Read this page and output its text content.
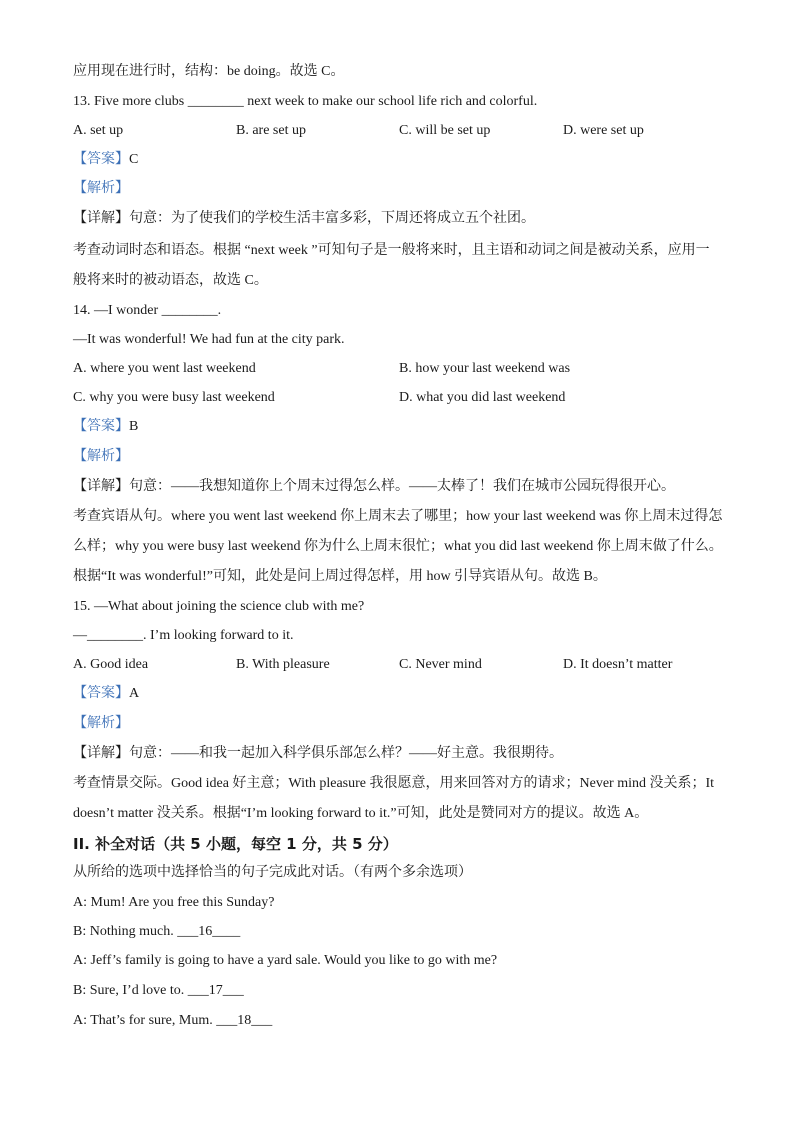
应用现在进行时，结构：be doing。故选 C。
13. Five more clubs ________ next week to make our school life rich and colorful.
A. set up	B. are set up	C. will be set up	D. were set up
【答案】C
【解析】
【详解】句意：为了使我们的学校生活丰富多彩，下周还将成立五个社团。
考查动词时态和语态。根据 “next week ”可知句子是一般将来时，且主语和动词之间是被动关系，应用一
般将来时的被动语态，故选 C。
14. —I wonder ________.
—It was wonderful! We had fun at the city park.
A. where you went last weekend	B. how your last weekend was
C. why you were busy last weekend	D. what you did last weekend
【答案】B
【解析】
【详解】句意：——我想知道你上个周末过得怎么样。——太棒了！我们在城市公园玩得很开心。
考查宾语从句。where you went last weekend 你上周末去了哪里；how your last weekend was 你上周末过得怎
么样；why you were busy last weekend 你为什么上周末很忙；what you did last weekend 你上周末做了什么。
根据“It was wonderful!”可知，此处是问上周过得怎样，用 how 引导宾语从句。故选 B。
15. —What about joining the science club with me?
—________. I’m looking forward to it.
A. Good idea	B. With pleasure	C. Never mind	D. It doesn’t matter
【答案】A
【解析】
【详解】句意：——和我一起加入科学俱乐部怎么样？——好主意。我很期待。
考查情景交际。Good idea 好主意；With pleasure 我很愿意，用来回答对方的请求；Never mind 没关系；It
doesn’t matter 没关系。根据“I’m looking forward to it.”可知，此处是赞同对方的提议。故选 A。
II. 补全对话（共 5 小题，每空 1 分，共 5 分）
从所给的选项中选择恰当的句子完成此对话。（有两个多余选项）
A: Mum! Are you free this Sunday?
B: Nothing much. ___16____
A: Jeff’s family is going to have a yard sale. Would you like to go with me?
B: Sure, I’d love to. ___17___
A: That’s for sure, Mum. ___18___
